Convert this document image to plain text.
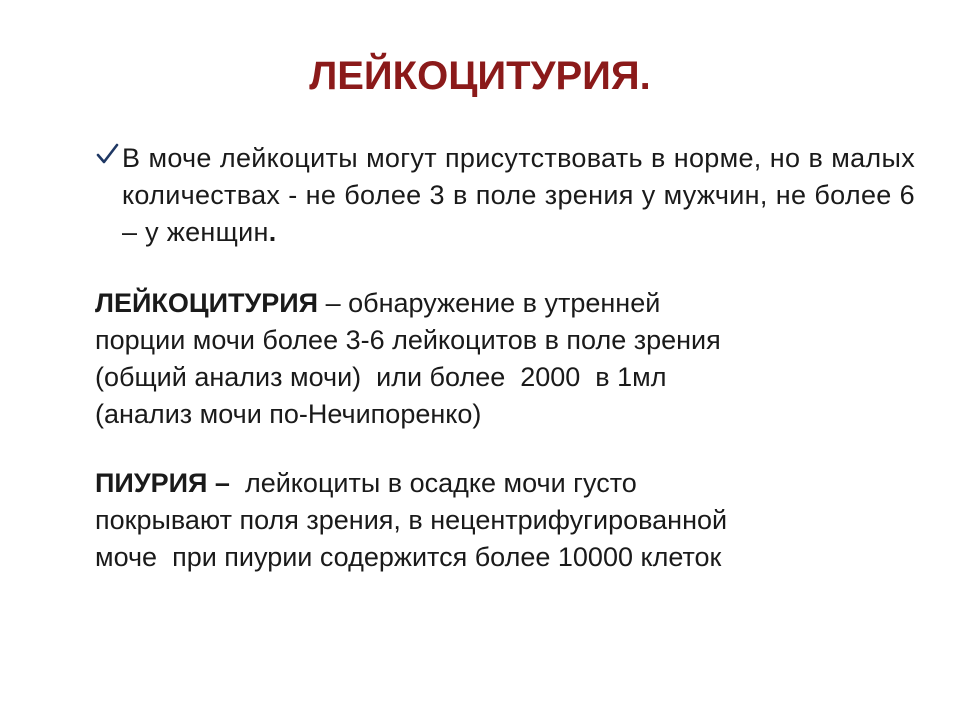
ЛЕЙКОЦИТУРИЯ.
В моче лейкоциты могут присутствовать в норме, но в малых количествах - не более 3 в поле зрения у мужчин, не более 6 – у женщин.
ЛЕЙКОЦИТУРИЯ – обнаружение в утренней
порции мочи более 3-6 лейкоцитов в поле зрения
(общий анализ мочи)  или более  2000  в 1мл
(анализ мочи по-Нечипоренко)
ПИУРИЯ –  лейкоциты в осадке мочи густо
покрывают поля зрения, в нецентрифугированной
моче  при пиурии содержится более 10000 клеток
